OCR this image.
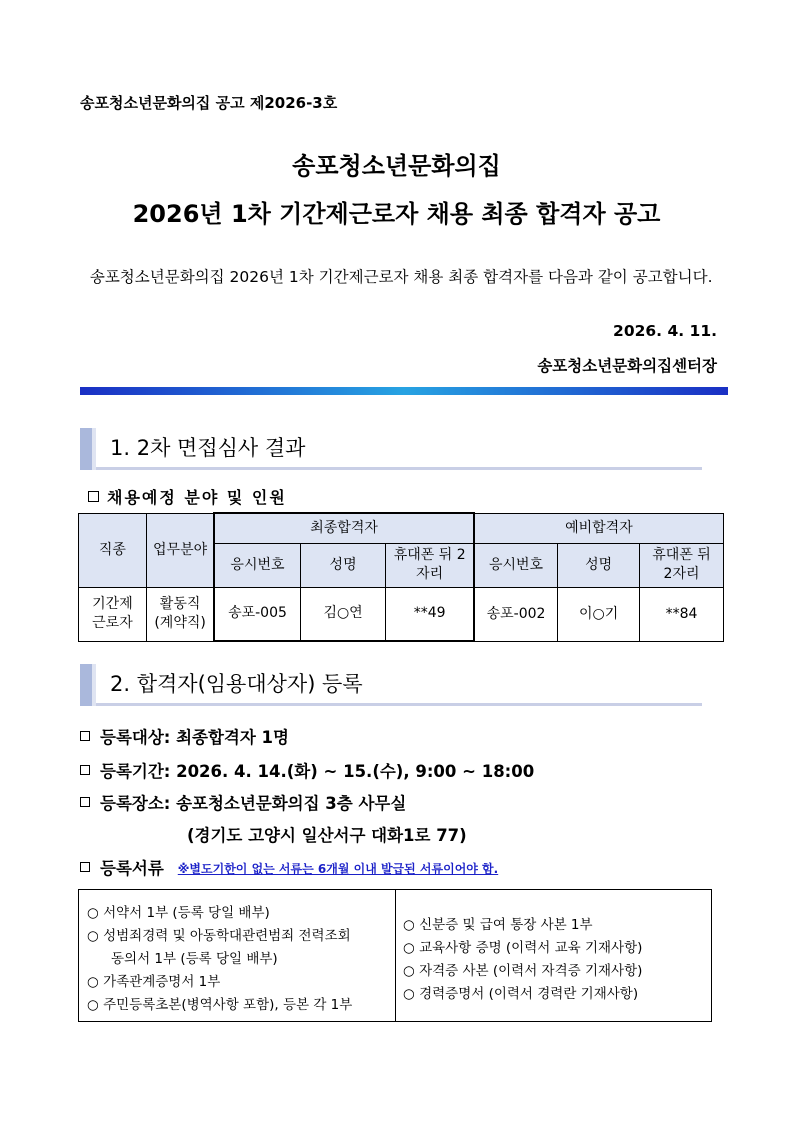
송포청소년문화의집 공고 제2026-3호
송포청소년문화의집
2026년 1차 기간제근로자 채용 최종 합격자 공고
송포청소년문화의집 2026년 1차 기간제근로자 채용 최종 합격자를 다음과 같이 공고합니다.
2026. 4. 11.
송포청소년문화의집센터장
1. 2차 면접심사 결과
채용예정 분야 및 인원
직종	업무분야	최종합격자			예비합격자		
		응시번호	성명	휴대폰 뒤 2자리	응시번호	성명	휴대폰 뒤 2자리
기간제 근로자	활동직 (계약직)	송포-005	김○연	**49	송포-002	이○기	**84
2. 합격자(임용대상자) 등록
등록대상: 최종합격자 1명
등록기간: 2026. 4. 14.(화) ~ 15.(수), 9:00 ~ 18:00
등록장소: 송포청소년문화의집 3층 사무실
(경기도 고양시 일산서구 대화1로 77)
등록서류 ※별도기한이 없는 서류는 6개월 이내 발급된 서류이어야 함.
○ 서약서 1부 (등록 당일 배부)
○ 성범죄경력 및 아동학대관련범죄 전력조회
동의서 1부 (등록 당일 배부)
○ 가족관계증명서 1부
○ 주민등록초본(병역사항 포함), 등본 각 1부
○ 신분증 및 급여 통장 사본 1부
○ 교육사항 증명 (이력서 교육 기재사항)
○ 자격증 사본 (이력서 자격증 기재사항)
○ 경력증명서 (이력서 경력란 기재사항)
